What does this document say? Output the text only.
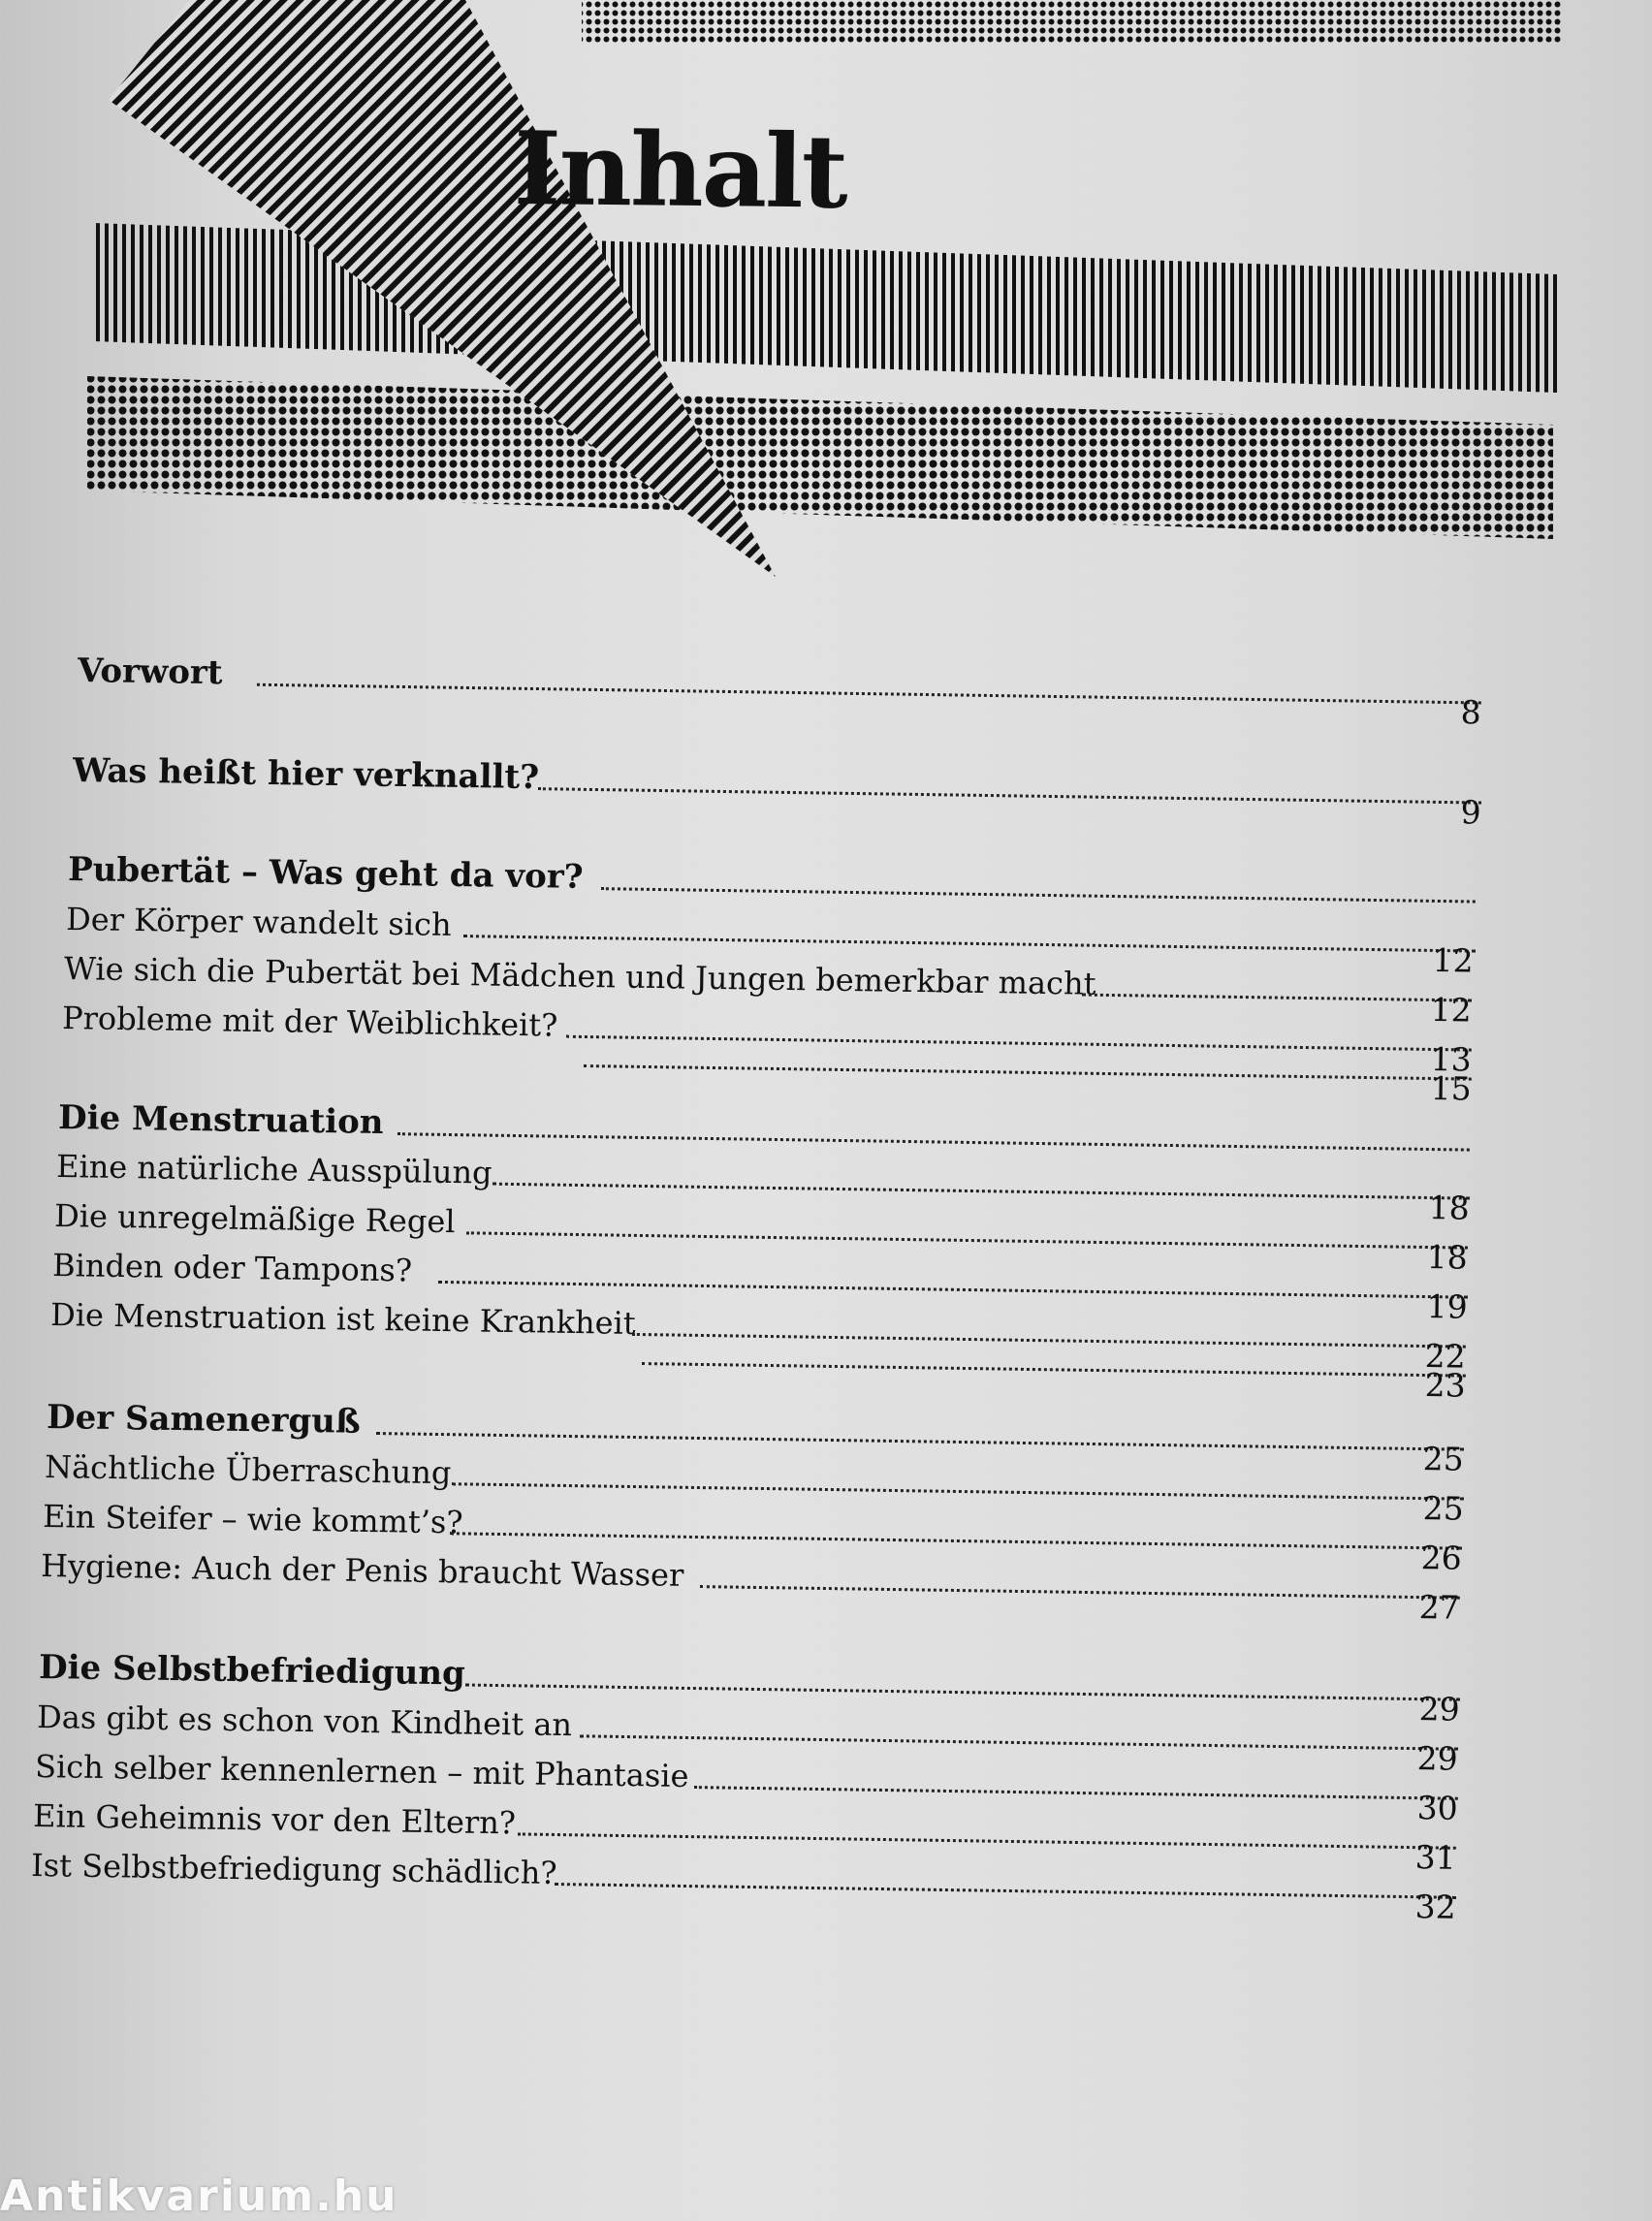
Inhalt
Vorwort
8
Was heißt hier verknallt?
9
Pubertät – Was geht da vor?
Der Körper wandelt sich
12
Wie sich die Pubertät bei Mädchen und Jungen bemerkbar macht
12
Probleme mit der Weiblichkeit?
13
15
Die Menstruation
Eine natürliche Ausspülung
18
Die unregelmäßige Regel
18
Binden oder Tampons?
19
Die Menstruation ist keine Krankheit
22
23
Der Samenerguß
25
Nächtliche Überraschung
25
Ein Steifer – wie kommt’s?
26
Hygiene: Auch der Penis braucht Wasser
27
Die Selbstbefriedigung
29
Das gibt es schon von Kindheit an
29
Sich selber kennenlernen – mit Phantasie
30
Ein Geheimnis vor den Eltern?
31
Ist Selbstbefriedigung schädlich?
32
Antikvarium.hu
